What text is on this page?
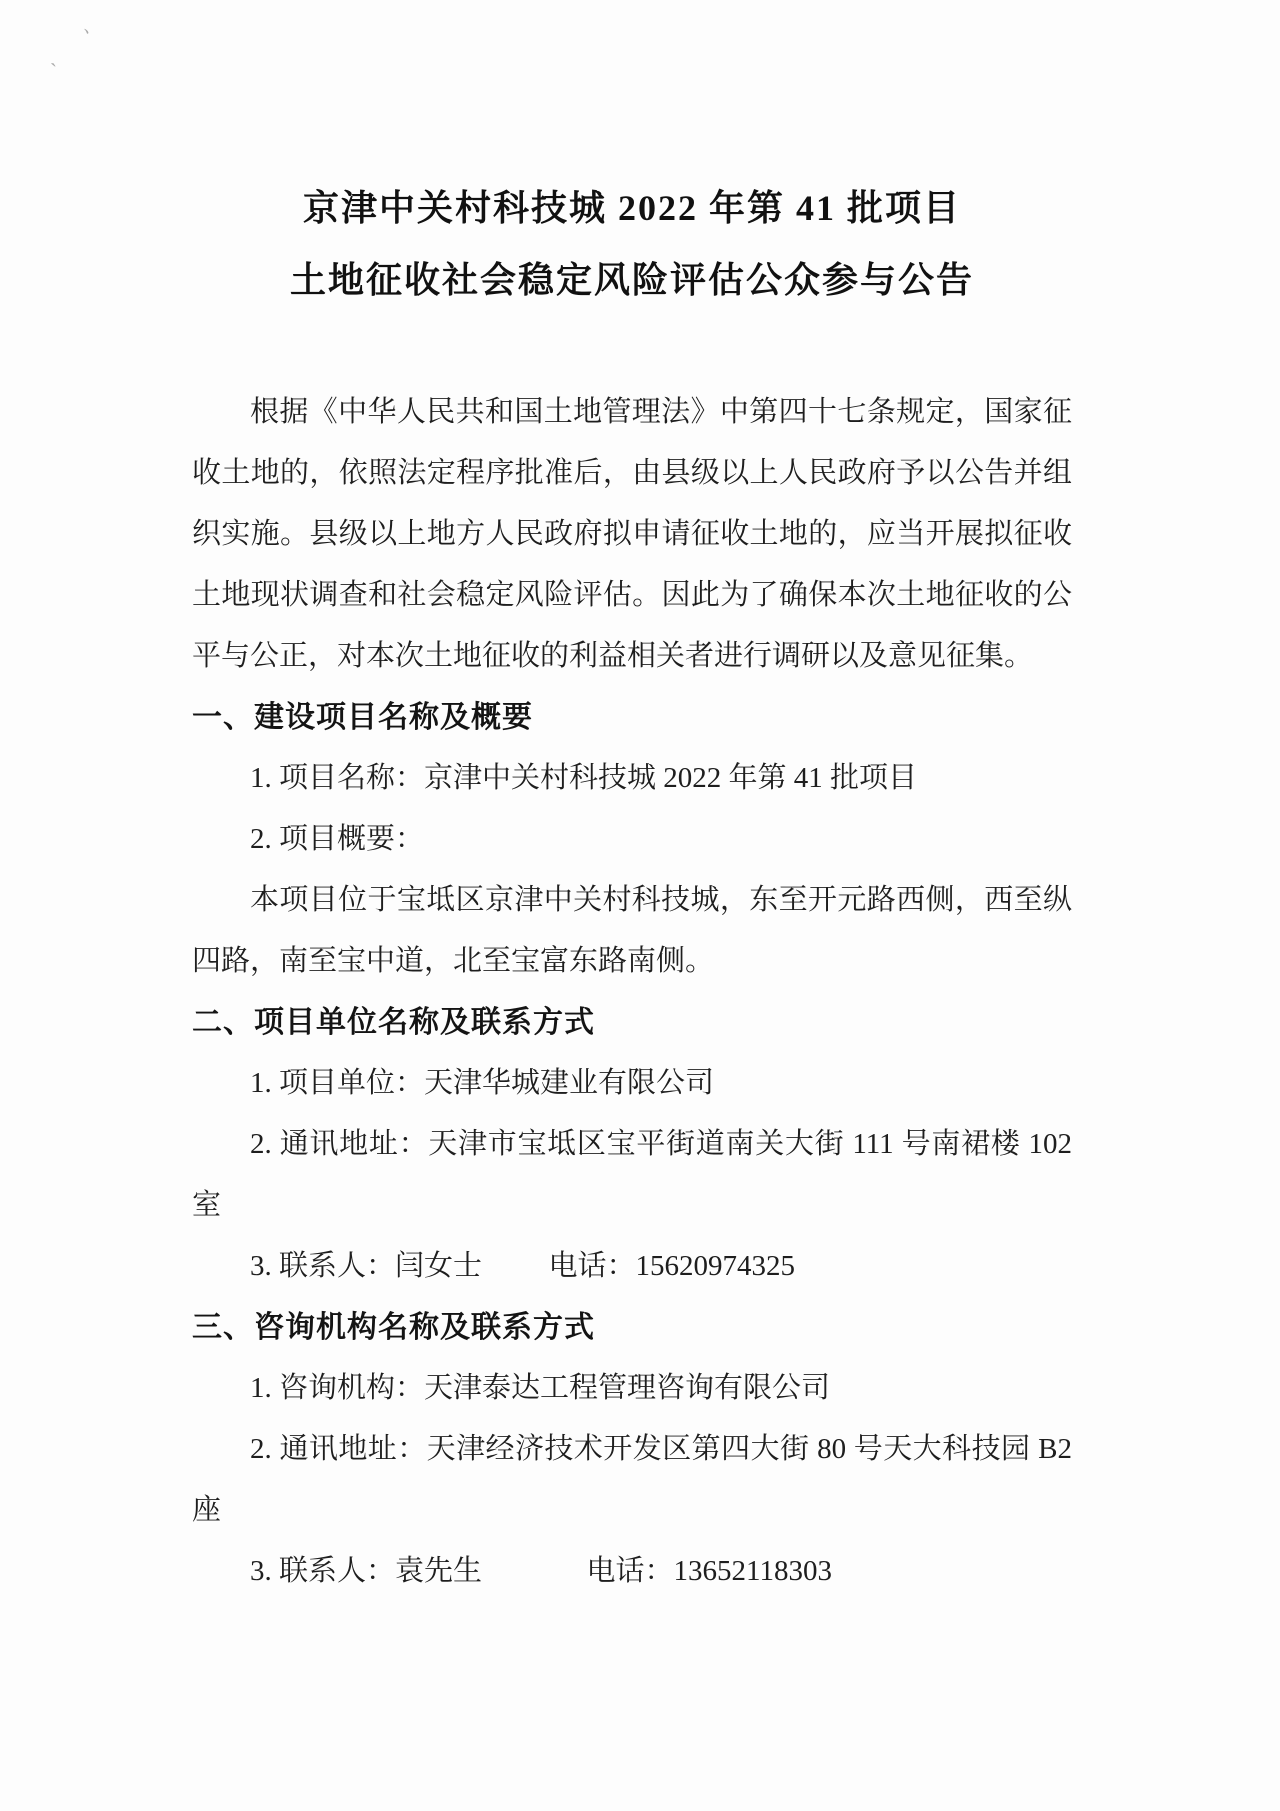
、
`
京津中关村科技城 2022 年第 41 批项目
土地征收社会稳定风险评估公众参与公告

根据《中华人民共和国土地管理法》中第四十七条规定，国家征收土地的，依照法定程序批准后，由县级以上人民政府予以公告并组织实施。县级以上地方人民政府拟申请征收土地的，应当开展拟征收土地现状调查和社会稳定风险评估。因此为了确保本次土地征收的公平与公正，对本次土地征收的利益相关者进行调研以及意见征集。

一、建设项目名称及概要

1. 项目名称：京津中关村科技城 2022 年第 41 批项目

2. 项目概要：

本项目位于宝坻区京津中关村科技城，东至开元路西侧，西至纵四路，南至宝中道，北至宝富东路南侧。

二、项目单位名称及联系方式

1. 项目单位：天津华城建业有限公司

2. 通讯地址：天津市宝坻区宝平街道南关大街 111 号南裙楼 102 室

3. 联系人：闫女士 电话：15620974325

三、咨询机构名称及联系方式

1. 咨询机构：天津泰达工程管理咨询有限公司

2. 通讯地址：天津经济技术开发区第四大街 80 号天大科技园 B2 座

3. 联系人：袁先生	电话：13652118303
